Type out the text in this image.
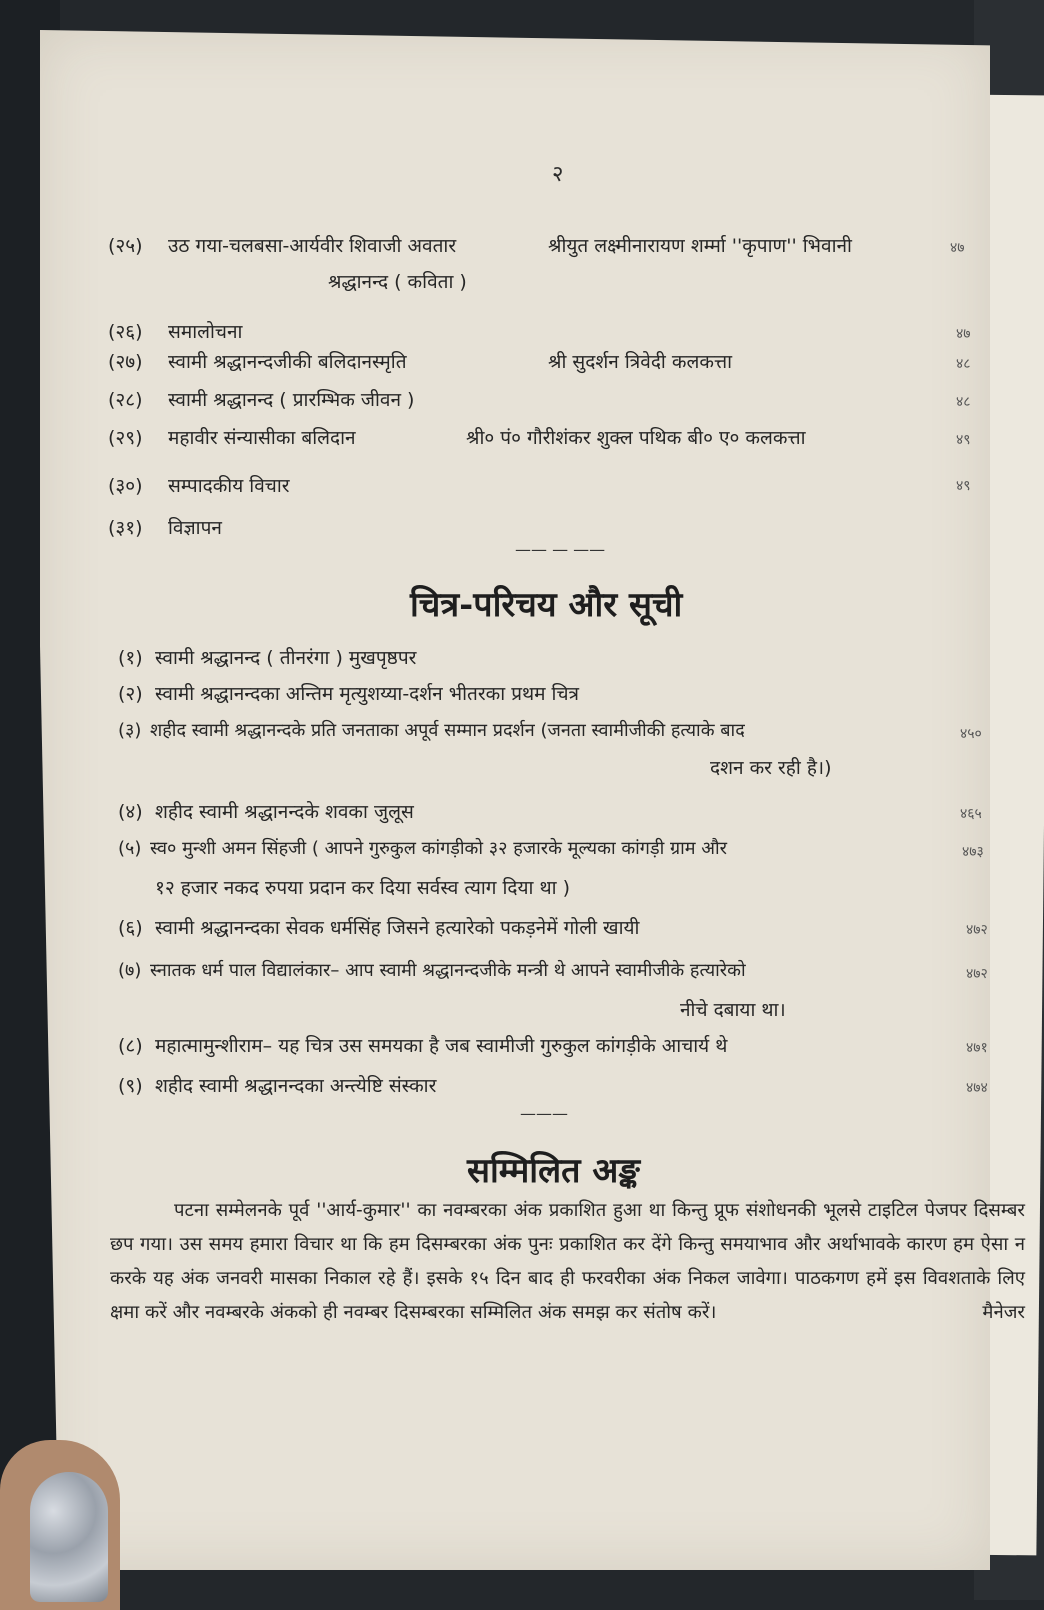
२
(२५) उठ गया-चलबसा-आर्यवीर शिवाजी अवतार	श्रीयुत लक्ष्मीनारायण शर्म्मा ''कृपाण'' भिवानी	४७
श्रद्धानन्द ( कविता )
(२६) समालोचना	४७
(२७) स्वामी श्रद्धानन्दजीकी बलिदानस्मृति	श्री सुदर्शन त्रिवेदी कलकत्ता	४८
(२८) स्वामी श्रद्धानन्द ( प्रारम्भिक जीवन )	४८
(२९) महावीर संन्यासीका बलिदान	श्री० पं० गौरीशंकर शुक्ल पथिक बी० ए० कलकत्ता	४९
(३०) सम्पादकीय विचार	४९
(३१) विज्ञापन
—— — ——
चित्र-परिचय और सूची
(१) स्वामी श्रद्धानन्द ( तीनरंगा ) मुखपृष्ठपर
(२) स्वामी श्रद्धानन्दका अन्तिम मृत्युशय्या-दर्शन भीतरका प्रथम चित्र
(३) शहीद स्वामी श्रद्धानन्दके प्रति जनताका अपूर्व सम्मान प्रदर्शन (जनता स्वामीजीकी हत्याके बाद	४५०
दशन कर रही है।)
(४) शहीद स्वामी श्रद्धानन्दके शवका जुलूस	४६५
(५) स्व० मुन्शी अमन सिंहजी ( आपने गुरुकुल कांगड़ीको ३२ हजारके मूल्यका कांगड़ी ग्राम और	४७३
१२ हजार नकद रुपया प्रदान कर दिया सर्वस्व त्याग दिया था )
(६) स्वामी श्रद्धानन्दका सेवक धर्मसिंह जिसने हत्यारेको पकड़नेमें गोली खायी	४७२
(७) स्नातक धर्म पाल विद्यालंकार– आप स्वामी श्रद्धानन्दजीके मन्त्री थे आपने स्वामीजीके हत्यारेको	४७२
नीचे दबाया था।
(८) महात्मामुन्शीराम– यह चित्र उस समयका है जब स्वामीजी गुरुकुल कांगड़ीके आचार्य थे	४७१
(९) शहीद स्वामी श्रद्धानन्दका अन्त्येष्टि संस्कार	४७४
———
सम्मिलित अङ्क
पटना सम्मेलनके पूर्व ''आर्य-कुमार'' का नवम्बरका अंक प्रकाशित हुआ था किन्तु प्रूफ संशोधनकी भूलसे टाइटिल पेजपर दिसम्बर छप गया। उस समय हमारा विचार था कि हम दिसम्बरका अंक पुनः प्रकाशित कर देंगे किन्तु समयाभाव और अर्थाभावके कारण हम ऐसा न करके यह अंक जनवरी मासका निकाल रहे हैं। इसके १५ दिन बाद ही फरवरीका अंक निकल जावेगा। पाठकगण हमें इस विवशताके लिए क्षमा करें और नवम्बरके अंकको ही नवम्बर दिसम्बरका सम्मिलित अंक समझ कर संतोष करें।	मैनेजर
